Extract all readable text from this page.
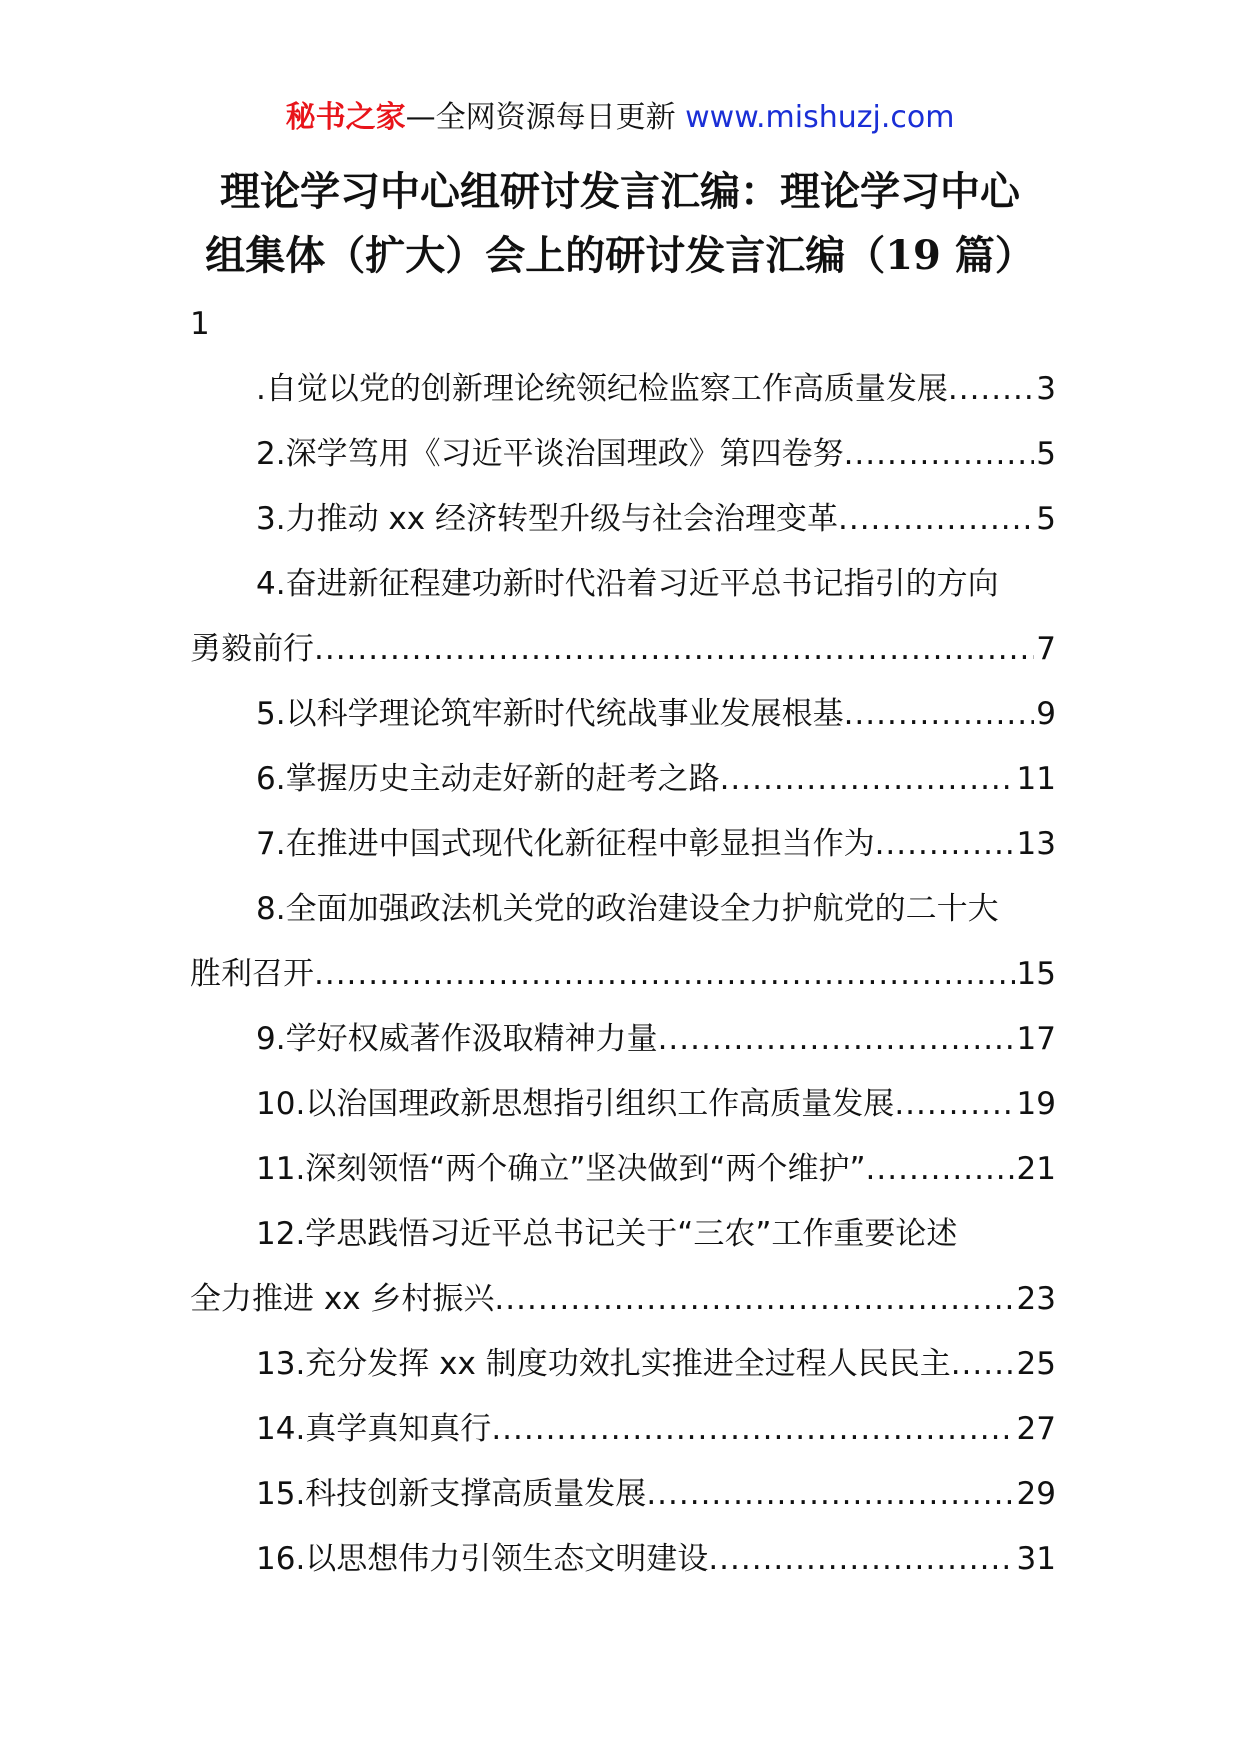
秘书之家—全网资源每日更新 www.mishuzj.com
理论学习中心组研讨发言汇编：理论学习中心
组集体（扩大）会上的研讨发言汇编（19 篇）
1
.自觉以党的创新理论统领纪检监察工作高质量发展 .....	3
2.深学笃用《习近平谈治国理政》第四卷努 .....	5
3.力推动 xx 经济转型升级与社会治理变革 .....	5
4.奋进新征程建功新时代沿着习近平总书记指引的方向
勇毅前行 .....	7
5.以科学理论筑牢新时代统战事业发展根基 .....	9
6.掌握历史主动走好新的赶考之路 .....	11
7.在推进中国式现代化新征程中彰显担当作为 .....	13
8.全面加强政法机关党的政治建设全力护航党的二十大
胜利召开 .....	15
9.学好权威著作汲取精神力量 .....	17
10.以治国理政新思想指引组织工作高质量发展 .....	19
11.深刻领悟“两个确立”坚决做到“两个维护” .....	21
12.学思践悟习近平总书记关于“三农”工作重要论述
全力推进 xx 乡村振兴 .....	23
13.充分发挥 xx 制度功效扎实推进全过程人民民主 ..... 25
14.真学真知真行 .....	27
15.科技创新支撑高质量发展 .....	29
16.以思想伟力引领生态文明建设 .....	31
